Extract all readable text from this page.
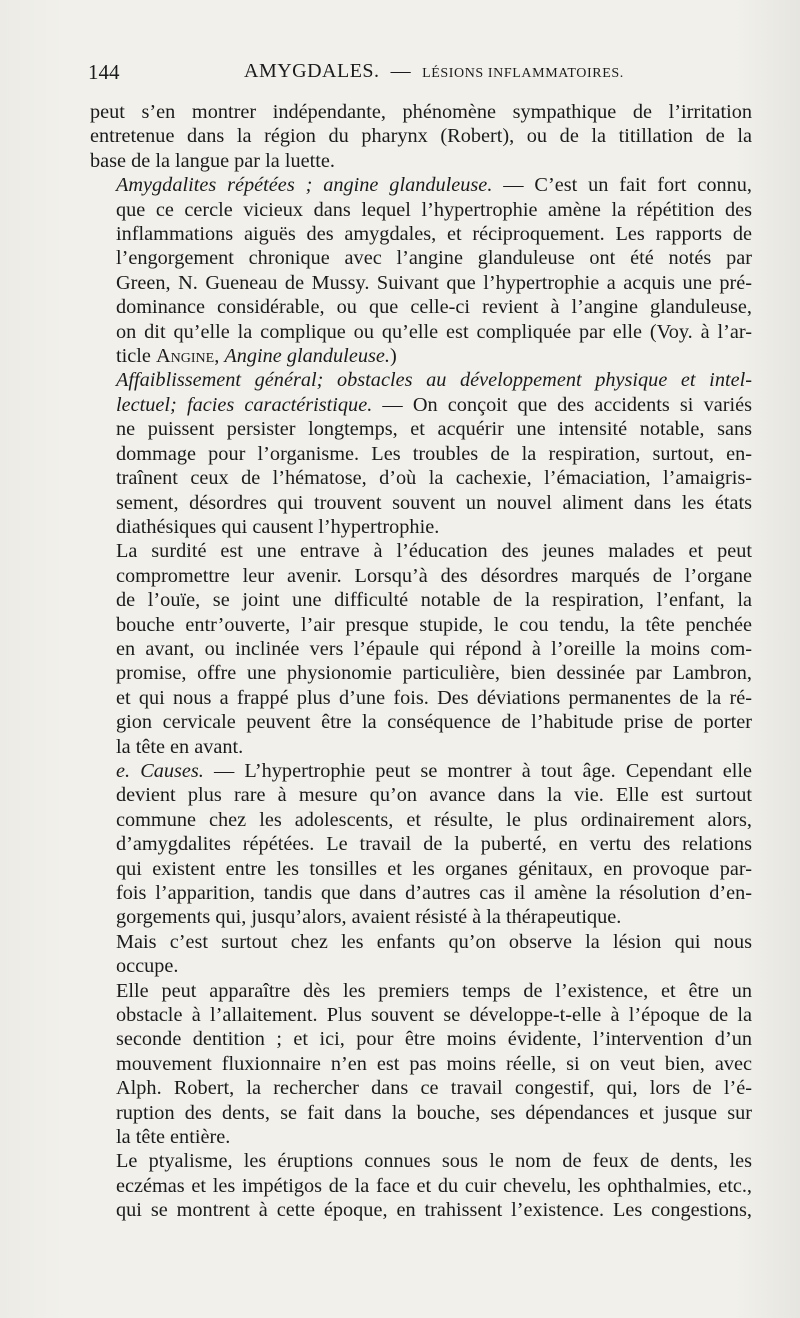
144	AMYGDALES. — LÉSIONS INFLAMMATOIRES.

peut s’en montrer indépendante, phénomène sympathique de l’irritation
entretenue dans la région du pharynx (Robert), ou de la titillation de la
base de la langue par la luette.

Amygdalites répétées ; angine glanduleuse. — C’est un fait fort connu,
que ce cercle vicieux dans lequel l’hypertrophie amène la répétition des
inflammations aiguës des amygdales, et réciproquement. Les rapports de
l’engorgement chronique avec l’angine glanduleuse ont été notés par
Green, N. Gueneau de Mussy. Suivant que l’hypertrophie a acquis une pré-
dominance considérable, ou que celle-ci revient à l’angine glanduleuse,
on dit qu’elle la complique ou qu’elle est compliquée par elle (Voy. à l’ar-
ticle Angine, Angine glanduleuse.)

Affaiblissement général; obstacles au développement physique et intel-
lectuel; facies caractéristique. — On conçoit que des accidents si variés
ne puissent persister longtemps, et acquérir une intensité notable, sans
dommage pour l’organisme. Les troubles de la respiration, surtout, en-
traînent ceux de l’hématose, d’où la cachexie, l’émaciation, l’amaigris-
sement, désordres qui trouvent souvent un nouvel aliment dans les états
diathésiques qui causent l’hypertrophie.

La surdité est une entrave à l’éducation des jeunes malades et peut
compromettre leur avenir. Lorsqu’à des désordres marqués de l’organe
de l’ouïe, se joint une difficulté notable de la respiration, l’enfant, la
bouche entr’ouverte, l’air presque stupide, le cou tendu, la tête penchée
en avant, ou inclinée vers l’épaule qui répond à l’oreille la moins com-
promise, offre une physionomie particulière, bien dessinée par Lambron,
et qui nous a frappé plus d’une fois. Des déviations permanentes de la ré-
gion cervicale peuvent être la conséquence de l’habitude prise de porter
la tête en avant.

e. Causes. — L’hypertrophie peut se montrer à tout âge. Cependant elle
devient plus rare à mesure qu’on avance dans la vie. Elle est surtout
commune chez les adolescents, et résulte, le plus ordinairement alors,
d’amygdalites répétées. Le travail de la puberté, en vertu des relations
qui existent entre les tonsilles et les organes génitaux, en provoque par-
fois l’apparition, tandis que dans d’autres cas il amène la résolution d’en-
gorgements qui, jusqu’alors, avaient résisté à la thérapeutique.

Mais c’est surtout chez les enfants qu’on observe la lésion qui nous
occupe.

Elle peut apparaître dès les premiers temps de l’existence, et être un
obstacle à l’allaitement. Plus souvent se développe-t-elle à l’époque de la
seconde dentition ; et ici, pour être moins évidente, l’intervention d’un
mouvement fluxionnaire n’en est pas moins réelle, si on veut bien, avec
Alph. Robert, la rechercher dans ce travail congestif, qui, lors de l’é-
ruption des dents, se fait dans la bouche, ses dépendances et jusque sur
la tête entière.

Le ptyalisme, les éruptions connues sous le nom de feux de dents, les
eczémas et les impétigos de la face et du cuir chevelu, les ophthalmies, etc.,
qui se montrent à cette époque, en trahissent l’existence. Les congestions,
